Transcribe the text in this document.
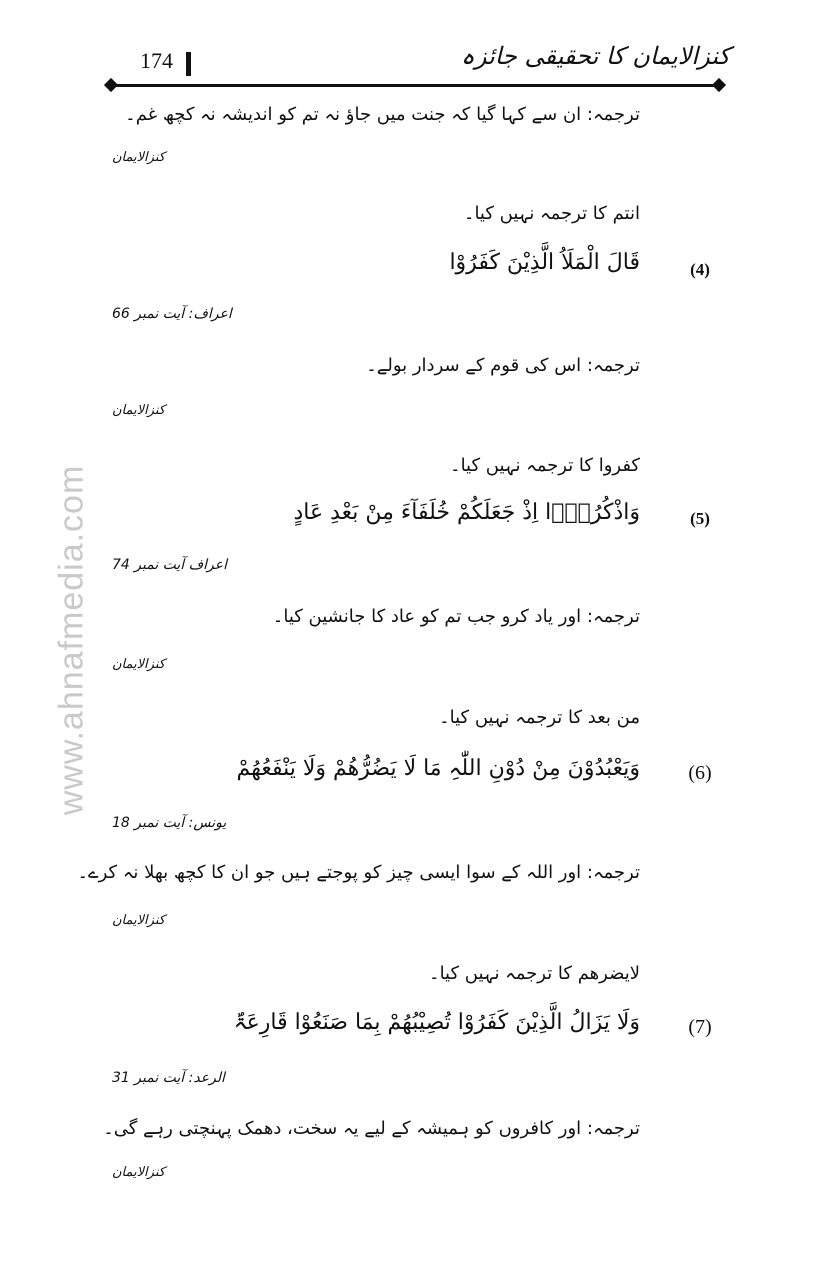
کنزالایمان کا تحقیقی جائزہ
174
www.ahnafmedia.com
ترجمہ: ان سے کہا گیا کہ جنت میں جاؤ نہ تم کو اندیشہ نہ کچھ غم۔
کنزالایمان
انتم کا ترجمہ نہیں کیا۔
(4)
قَالَ الْمَلَاُ الَّذِیْنَ کَفَرُوْا
اعراف: آیت نمبر 66
ترجمہ: اس کی قوم کے سردار بولے۔
کنزالایمان
کفروا کا ترجمہ نہیں کیا۔
(5)
وَاذْکُرُوْۤا اِذْ جَعَلَکُمْ خُلَفَآءَ مِنْ بَعْدِ عَادٍ
اعراف آیت نمبر 74
ترجمہ: اور یاد کرو جب تم کو عاد کا جانشین کیا۔
کنزالایمان
من بعد کا ترجمہ نہیں کیا۔
(6)
وَیَعْبُدُوْنَ مِنْ دُوْنِ اللّٰہِ مَا لَا یَضُرُّھُمْ وَلَا یَنْفَعُھُمْ
یونس: آیت نمبر 18
ترجمہ: اور اللہ کے سوا ایسی چیز کو پوجتے ہیں جو ان کا کچھ بھلا نہ کرے۔
کنزالایمان
لایضرھم کا ترجمہ نہیں کیا۔
(7)
وَلَا یَزَالُ الَّذِیْنَ کَفَرُوْا تُصِیْبُھُمْ بِمَا صَنَعُوْا قَارِعَۃٌ
الرعد: آیت نمبر 31
ترجمہ: اور کافروں کو ہمیشہ کے لیے یہ سخت، دھمک پہنچتی رہے گی۔
کنزالایمان
